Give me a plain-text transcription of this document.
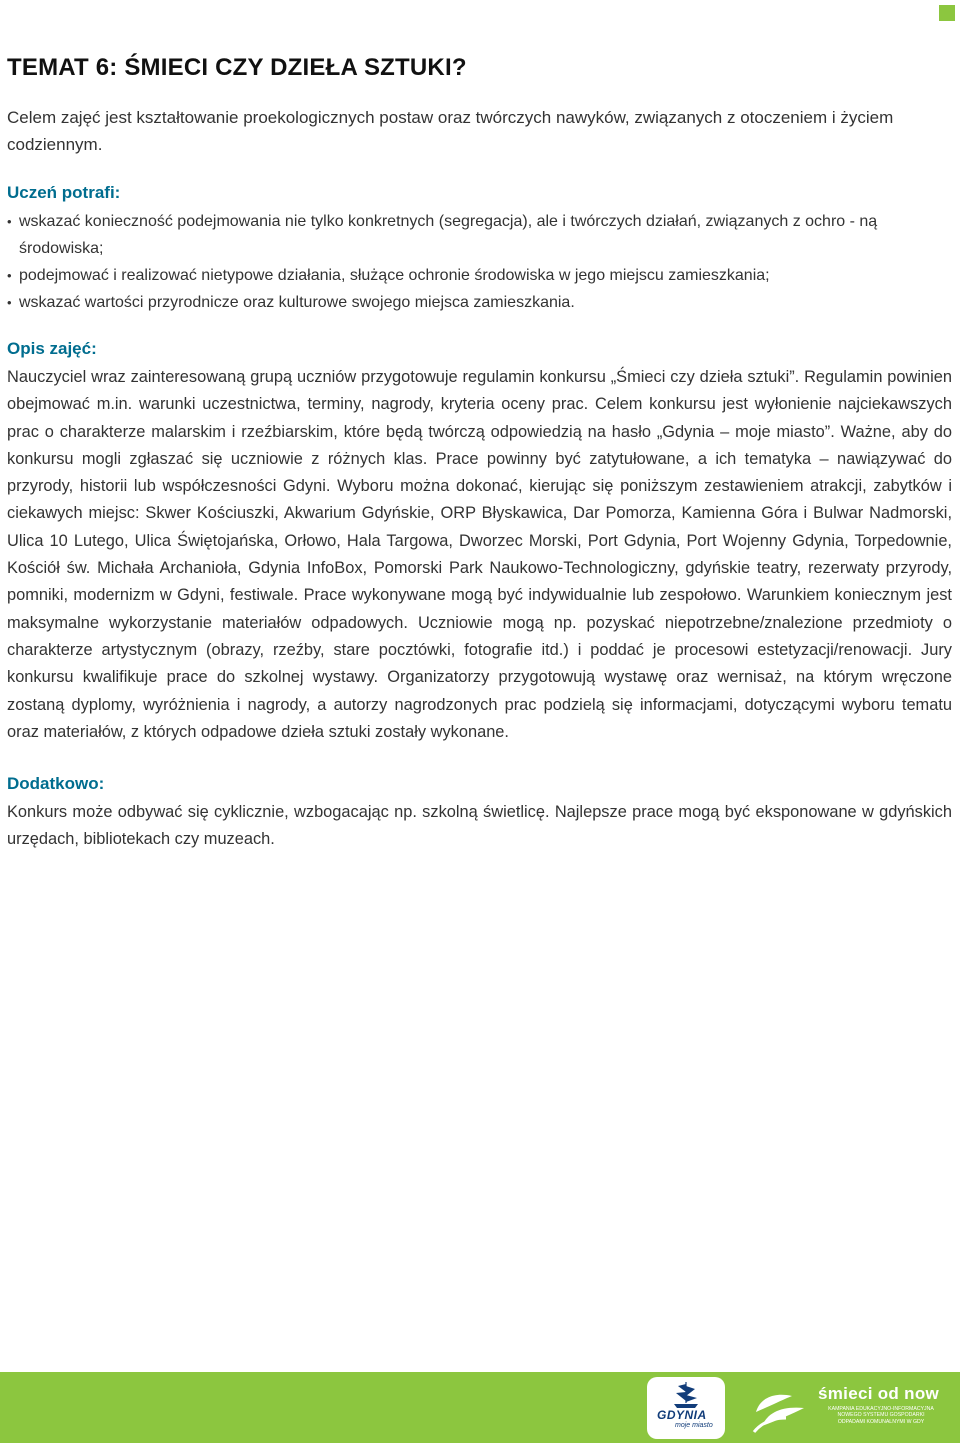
TEMAT 6: ŚMIECI CZY DZIEŁA SZTUKI?

Celem zajęć jest kształtowanie proekologicznych postaw oraz twórczych nawyków, związanych z otoczeniem i życiem codziennym.

Uczeń potrafi:
• wskazać konieczność podejmowania nie tylko konkretnych (segregacja), ale i twórczych działań, związanych z ochro - ną środowiska;
• podejmować i realizować nietypowe działania, służące ochronie środowiska w jego miejscu zamieszkania;
• wskazać wartości przyrodnicze oraz kulturowe swojego miejsca zamieszkania.
Opis zajęć:

Nauczyciel wraz zainteresowaną grupą uczniów przygotowuje regulamin konkursu „Śmieci czy dzieła sztuki”. Regulamin powinien obejmować m.in. warunki uczestnictwa, terminy, nagrody, kryteria oceny prac. Celem konkursu jest wyłonienie najciekawszych prac o charakterze malarskim i rzeźbiarskim, które będą twórczą odpowiedzią na hasło „Gdynia – moje miasto”. Ważne, aby do konkursu mogli zgłaszać się uczniowie z różnych klas. Prace powinny być zatytułowane, a ich tematyka – nawiązywać do przyrody, historii lub współczesności Gdyni. Wyboru można dokonać, kierując się poniższym zestawieniem atrakcji, zabytków i ciekawych miejsc: Skwer Kościuszki, Akwarium Gdyńskie, ORP Błyskawica, Dar Pomorza, Kamienna Góra i Bulwar Nadmorski, Ulica 10 Lutego, Ulica Świętojańska, Orłowo, Hala Targowa, Dworzec Morski, Port Gdynia, Port Wojenny Gdynia, Torpedownie, Kościół św. Michała Archanioła, Gdynia InfoBox, Pomorski Park Naukowo-Technologiczny, gdyńskie teatry, rezerwaty przyrody, pomniki, modernizm w Gdyni, festiwale. Prace wykonywane mogą być indywidualnie lub zespołowo. Warunkiem koniecznym jest maksymalne wykorzystanie materiałów odpadowych. Uczniowie mogą np. pozyskać niepotrzebne/znalezione przedmioty o charakterze artystycznym (obrazy, rzeźby, stare pocztówki, fotografie itd.) i poddać je procesowi estetyzacji/renowacji. Jury konkursu kwalifikuje prace do szkolnej wystawy. Organizatorzy przygotowują wystawę oraz wernisaż, na którym wręczone zostaną dyplomy, wyróżnienia i nagrody, a autorzy nagrodzonych prac podzielą się informacjami, dotyczącymi wyboru tematu oraz materiałów, z których odpadowe dzieła sztuki zostały wykonane.

Dodatkowo:

Konkurs może odbywać się cyklicznie, wzbogacając np. szkolną świetlicę. Najlepsze prace mogą być eksponowane w gdyńskich urzędach, bibliotekach czy muzeach.

GDYNIA
moje miasto
śmieci od now
KAMPANIA EDUKACYJNO-INFORMACYJNA
NOWEGO SYSTEMU GOSPODARKI
ODPADAMI KOMUNALNYMI W GDY
